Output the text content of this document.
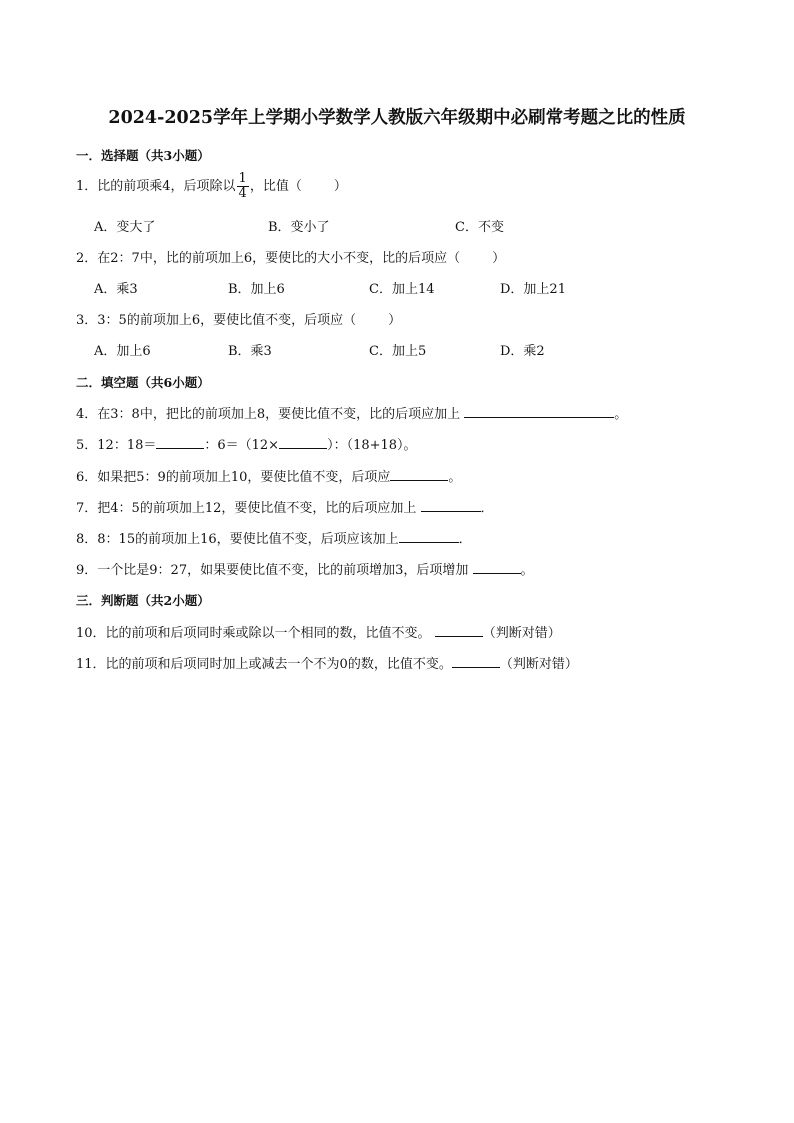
2024-2025学年上学期小学数学人教版六年级期中必刷常考题之比的性质
一．选择题（共3小题）
1．比的前项乘4，后项除以 $\frac{1}{4}$ ，比值（ ）
A．变大了	B．变小了	C．不变
2．在2：7中，比的前项加上6，要使比的大小不变，比的后项应（ ）
A．乘3	B．加上6	C．加上14	D．加上21
3．3：5的前项加上6，要使比值不变，后项应（ ）
A．加上6	B．乘3	C．加上5	D．乘2
二．填空题（共6小题）
4．在3：8中，把比的前项加上8，要使比值不变，比的后项应加上	。
5．12：18＝	：6＝（12×	）：（18+18）。
6．如果把5：9的前项加上10，要使比值不变，后项应	。
7．把4：5的前项加上12，要使比值不变，比的后项应加上	．
8．8：15的前项加上16，要使比值不变，后项应该加上	．
9．一个比是9：27，如果要使比值不变，比的前项增加3，后项增加	。
三．判断题（共2小题）
10．比的前项和后项同时乘或除以一个相同的数，比值不变。	（判断对错）
11．比的前项和后项同时加上或减去一个不为0的数，比值不变。	（判断对错）
